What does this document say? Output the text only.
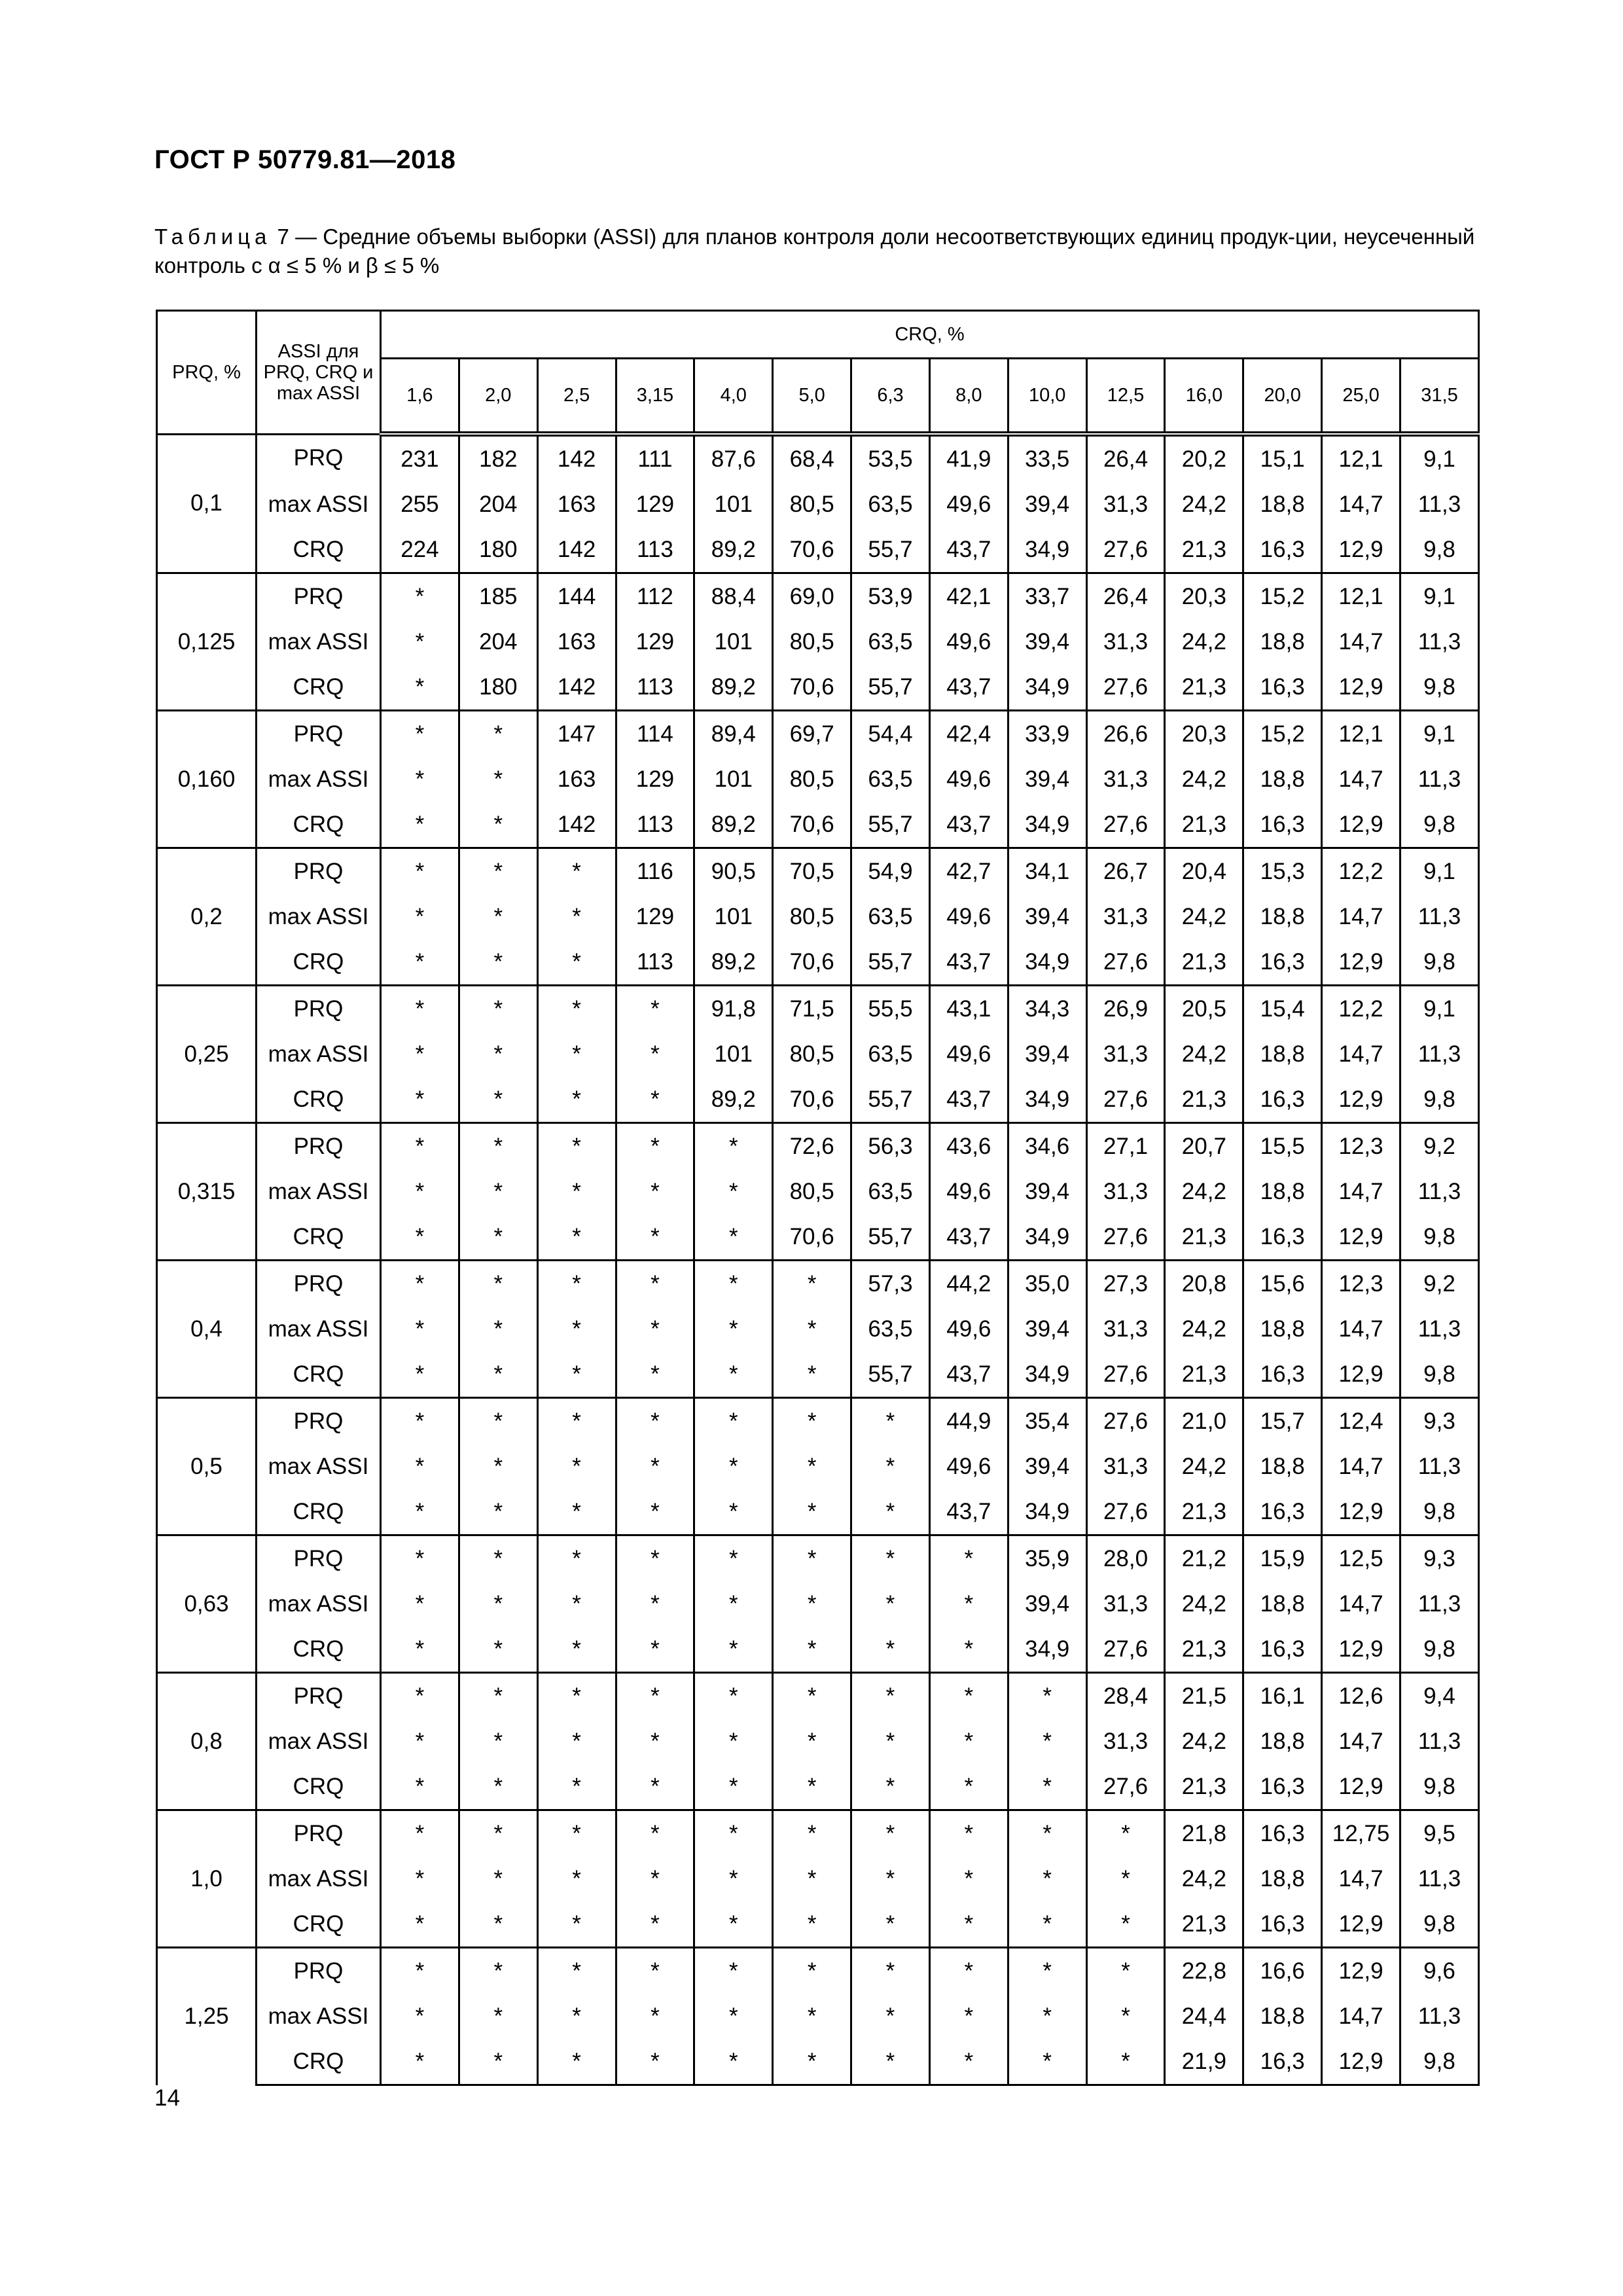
ГОСТ Р 50779.81—2018
Таблица 7 — Средние объемы выборки (ASSI) для планов контроля доли несоответствующих единиц продук-ции, неусеченный контроль с α ≤ 5 % и β ≤ 5 %
PRQ, %	ASSI для PRQ, CRQ и max ASSI	CRQ, %													
		1,6	2,0	2,5	3,15	4,0	5,0	6,3	8,0	10,0	12,5	16,0	20,0	25,0	31,5
0,1	PRQ	231	182	142	111	87,6	68,4	53,5	41,9	33,5	26,4	20,2	15,1	12,1	9,1
	max ASSI	255	204	163	129	101	80,5	63,5	49,6	39,4	31,3	24,2	18,8	14,7	11,3
	CRQ	224	180	142	113	89,2	70,6	55,7	43,7	34,9	27,6	21,3	16,3	12,9	9,8
0,125	PRQ	*	185	144	112	88,4	69,0	53,9	42,1	33,7	26,4	20,3	15,2	12,1	9,1
	max ASSI	*	204	163	129	101	80,5	63,5	49,6	39,4	31,3	24,2	18,8	14,7	11,3
	CRQ	*	180	142	113	89,2	70,6	55,7	43,7	34,9	27,6	21,3	16,3	12,9	9,8
0,160	PRQ	*	*	147	114	89,4	69,7	54,4	42,4	33,9	26,6	20,3	15,2	12,1	9,1
	max ASSI	*	*	163	129	101	80,5	63,5	49,6	39,4	31,3	24,2	18,8	14,7	11,3
	CRQ	*	*	142	113	89,2	70,6	55,7	43,7	34,9	27,6	21,3	16,3	12,9	9,8
0,2	PRQ	*	*	*	116	90,5	70,5	54,9	42,7	34,1	26,7	20,4	15,3	12,2	9,1
	max ASSI	*	*	*	129	101	80,5	63,5	49,6	39,4	31,3	24,2	18,8	14,7	11,3
	CRQ	*	*	*	113	89,2	70,6	55,7	43,7	34,9	27,6	21,3	16,3	12,9	9,8
0,25	PRQ	*	*	*	*	91,8	71,5	55,5	43,1	34,3	26,9	20,5	15,4	12,2	9,1
	max ASSI	*	*	*	*	101	80,5	63,5	49,6	39,4	31,3	24,2	18,8	14,7	11,3
	CRQ	*	*	*	*	89,2	70,6	55,7	43,7	34,9	27,6	21,3	16,3	12,9	9,8
0,315	PRQ	*	*	*	*	*	72,6	56,3	43,6	34,6	27,1	20,7	15,5	12,3	9,2
	max ASSI	*	*	*	*	*	80,5	63,5	49,6	39,4	31,3	24,2	18,8	14,7	11,3
	CRQ	*	*	*	*	*	70,6	55,7	43,7	34,9	27,6	21,3	16,3	12,9	9,8
0,4	PRQ	*	*	*	*	*	*	57,3	44,2	35,0	27,3	20,8	15,6	12,3	9,2
	max ASSI	*	*	*	*	*	*	63,5	49,6	39,4	31,3	24,2	18,8	14,7	11,3
	CRQ	*	*	*	*	*	*	55,7	43,7	34,9	27,6	21,3	16,3	12,9	9,8
0,5	PRQ	*	*	*	*	*	*	*	44,9	35,4	27,6	21,0	15,7	12,4	9,3
	max ASSI	*	*	*	*	*	*	*	49,6	39,4	31,3	24,2	18,8	14,7	11,3
	CRQ	*	*	*	*	*	*	*	43,7	34,9	27,6	21,3	16,3	12,9	9,8
0,63	PRQ	*	*	*	*	*	*	*	*	35,9	28,0	21,2	15,9	12,5	9,3
	max ASSI	*	*	*	*	*	*	*	*	39,4	31,3	24,2	18,8	14,7	11,3
	CRQ	*	*	*	*	*	*	*	*	34,9	27,6	21,3	16,3	12,9	9,8
0,8	PRQ	*	*	*	*	*	*	*	*	*	28,4	21,5	16,1	12,6	9,4
	max ASSI	*	*	*	*	*	*	*	*	*	31,3	24,2	18,8	14,7	11,3
	CRQ	*	*	*	*	*	*	*	*	*	27,6	21,3	16,3	12,9	9,8
1,0	PRQ	*	*	*	*	*	*	*	*	*	*	21,8	16,3	12,75	9,5
	max ASSI	*	*	*	*	*	*	*	*	*	*	24,2	18,8	14,7	11,3
	CRQ	*	*	*	*	*	*	*	*	*	*	21,3	16,3	12,9	9,8
1,25	PRQ	*	*	*	*	*	*	*	*	*	*	22,8	16,6	12,9	9,6
	max ASSI	*	*	*	*	*	*	*	*	*	*	24,4	18,8	14,7	11,3
	CRQ	*	*	*	*	*	*	*	*	*	*	21,9	16,3	12,9	9,8
14
